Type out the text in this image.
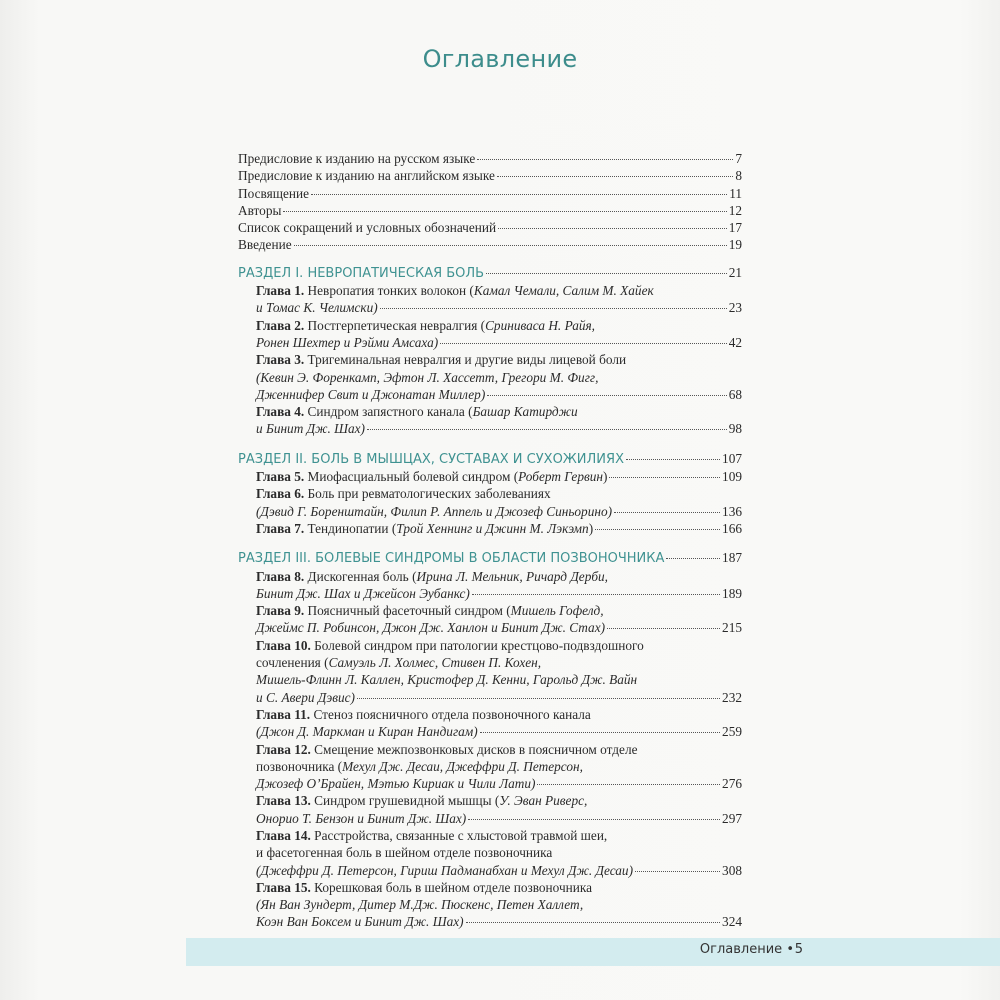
Оглавление
Предисловие к изданию на русском языке	7
Предисловие к изданию на английском языке	8
Посвящение	11
Авторы	12
Список сокращений и условных обозначений	17
Введение	19
РАЗДЕЛ I. НЕВРОПАТИЧЕСКАЯ БОЛЬ	21
Глава 1. Невропатия тонких волокон (Камал Чемали, Салим М. Хайек
и Томас К. Челимски)	23
Глава 2. Постгерпетическая невралгия (Сриниваса Н. Райя,
Ронен Шехтер и Рэйми Амсаха)	42
Глава 3. Тригеминальная невралгия и другие виды лицевой боли
(Кевин Э. Форенкамп, Эфтон Л. Хассетт, Грегори М. Фигг,
Дженнифер Свит и Джонатан Миллер)	68
Глава 4. Синдром запястного канала (Башар Катирджи
и Бинит Дж. Шах)	98
РАЗДЕЛ II. БОЛЬ В МЫШЦАХ, СУСТАВАХ И СУХОЖИЛИЯХ	107
Глава 5. Миофасциальный болевой синдром (Роберт Гервин)	109
Глава 6. Боль при ревматологических заболеваниях
(Дэвид Г. Боренштайн, Филип Р. Аппель и Джозеф Синьорино)	136
Глава 7. Тендинопатии (Трой Хеннинг и Джинн М. Лэкэмп)	166
РАЗДЕЛ III. БОЛЕВЫЕ СИНДРОМЫ В ОБЛАСТИ ПОЗВОНОЧНИКА	187
Глава 8. Дискогенная боль (Ирина Л. Мельник, Ричард Дерби,
Бинит Дж. Шах и Джейсон Эубанкс)	189
Глава 9. Поясничный фасеточный синдром (Мишель Гофелд,
Джеймс П. Робинсон, Джон Дж. Ханлон и Бинит Дж. Стах)	215
Глава 10. Болевой синдром при патологии крестцово-подвздошного
сочленения (Самуэль Л. Холмес, Стивен П. Кохен,
Мишель-Флинн Л. Каллен, Кристофер Д. Кенни, Гарольд Дж. Вайн
и С. Авери Дэвис)	232
Глава 11. Стеноз поясничного отдела позвоночного канала
(Джон Д. Маркман и Киран Нандигам)	259
Глава 12. Смещение межпозвонковых дисков в поясничном отделе
позвоночника (Мехул Дж. Десаи, Джеффри Д. Петерсон,
Джозеф О’Брайен, Мэтью Кириак и Чили Лати)	276
Глава 13. Синдром грушевидной мышцы (У. Эван Риверс,
Онорио Т. Бензон и Бинит Дж. Шах)	297
Глава 14. Расстройства, связанные с хлыстовой травмой шеи,
и фасетогенная боль в шейном отделе позвоночника
(Джеффри Д. Петерсон, Гириш Падманабхан и Мехул Дж. Десаи)	308
Глава 15. Корешковая боль в шейном отделе позвоночника
(Ян Ван Зундерт, Дитер М.Дж. Пюскенс, Петен Халлет,
Коэн Ван Боксем и Бинит Дж. Шах)	324
Оглавление • 5
